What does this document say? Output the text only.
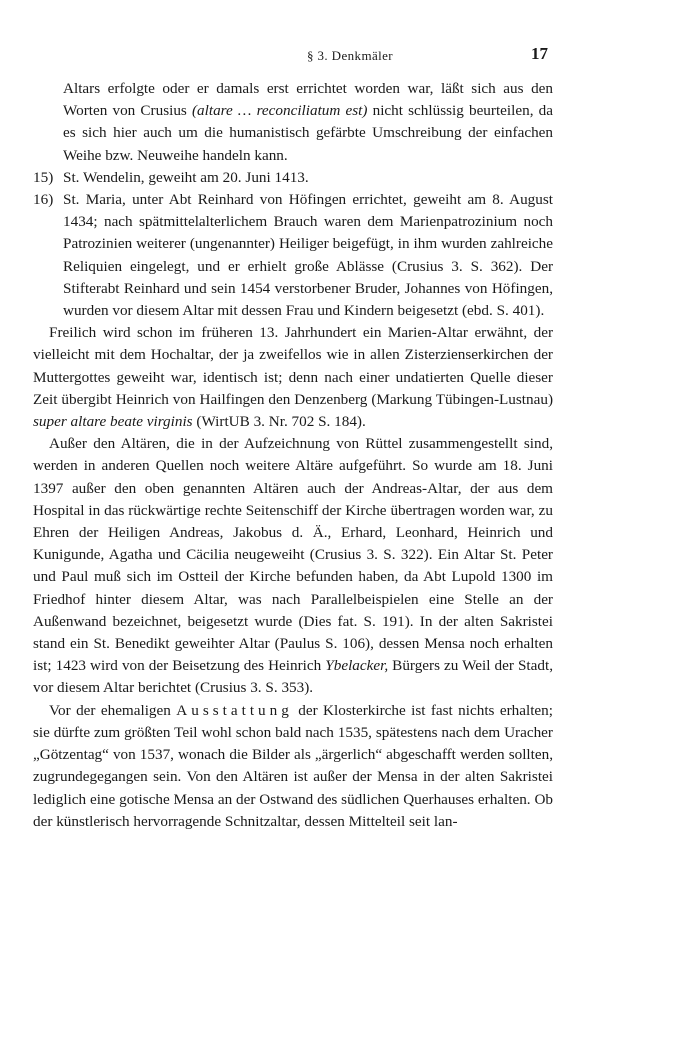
§ 3. Denkmäler	17

Altars erfolgte oder er damals erst errichtet worden war, läßt sich aus den Worten von Crusius (altare … reconciliatum est) nicht schlüssig beurteilen, da es sich hier auch um die humanistisch gefärbte Umschreibung der einfachen Weihe bzw. Neuweihe handeln kann.

15) St. Wendelin, geweiht am 20. Juni 1413.

16) St. Maria, unter Abt Reinhard von Höfingen errichtet, geweiht am 8. August 1434; nach spätmittelalterlichem Brauch waren dem Marienpatrozinium noch Patrozinien weiterer (ungenannter) Heiliger beigefügt, in ihm wurden zahlreiche Reliquien eingelegt, und er erhielt große Ablässe (Crusius 3. S. 362). Der Stifterabt Reinhard und sein 1454 verstorbener Bruder, Johannes von Höfingen, wurden vor diesem Altar mit dessen Frau und Kindern beigesetzt (ebd. S. 401).

Freilich wird schon im früheren 13. Jahrhundert ein Marien-Altar erwähnt, der vielleicht mit dem Hochaltar, der ja zweifellos wie in allen Zisterzienserkirchen der Muttergottes geweiht war, identisch ist; denn nach einer undatierten Quelle dieser Zeit übergibt Heinrich von Hailfingen den Denzenberg (Markung Tübingen-Lustnau) super altare beate virginis (WirtUB 3. Nr. 702 S. 184).

Außer den Altären, die in der Aufzeichnung von Rüttel zusammengestellt sind, werden in anderen Quellen noch weitere Altäre aufgeführt. So wurde am 18. Juni 1397 außer den oben genannten Altären auch der Andreas-Altar, der aus dem Hospital in das rückwärtige rechte Seitenschiff der Kirche übertragen worden war, zu Ehren der Heiligen Andreas, Jakobus d. Ä., Erhard, Leonhard, Heinrich und Kunigunde, Agatha und Cäcilia neugeweiht (Crusius 3. S. 322). Ein Altar St. Peter und Paul muß sich im Ostteil der Kirche befunden haben, da Abt Lupold 1300 im Friedhof hinter diesem Altar, was nach Parallelbeispielen eine Stelle an der Außenwand bezeichnet, beigesetzt wurde (Dies fat. S. 191). In der alten Sakristei stand ein St. Benedikt geweihter Altar (Paulus S. 106), dessen Mensa noch erhalten ist; 1423 wird von der Beisetzung des Heinrich Ybelacker, Bürgers zu Weil der Stadt, vor diesem Altar berichtet (Crusius 3. S. 353).

Vor der ehemaligen Ausstattung der Klosterkirche ist fast nichts erhalten; sie dürfte zum größten Teil wohl schon bald nach 1535, spätestens nach dem Uracher „Götzentag“ von 1537, wonach die Bilder als „ärgerlich“ abgeschafft werden sollten, zugrundegegangen sein. Von den Altären ist außer der Mensa in der alten Sakristei lediglich eine gotische Mensa an der Ostwand des südlichen Querhauses erhalten. Ob der künstlerisch hervorragende Schnitzaltar, dessen Mittelteil seit lan-
